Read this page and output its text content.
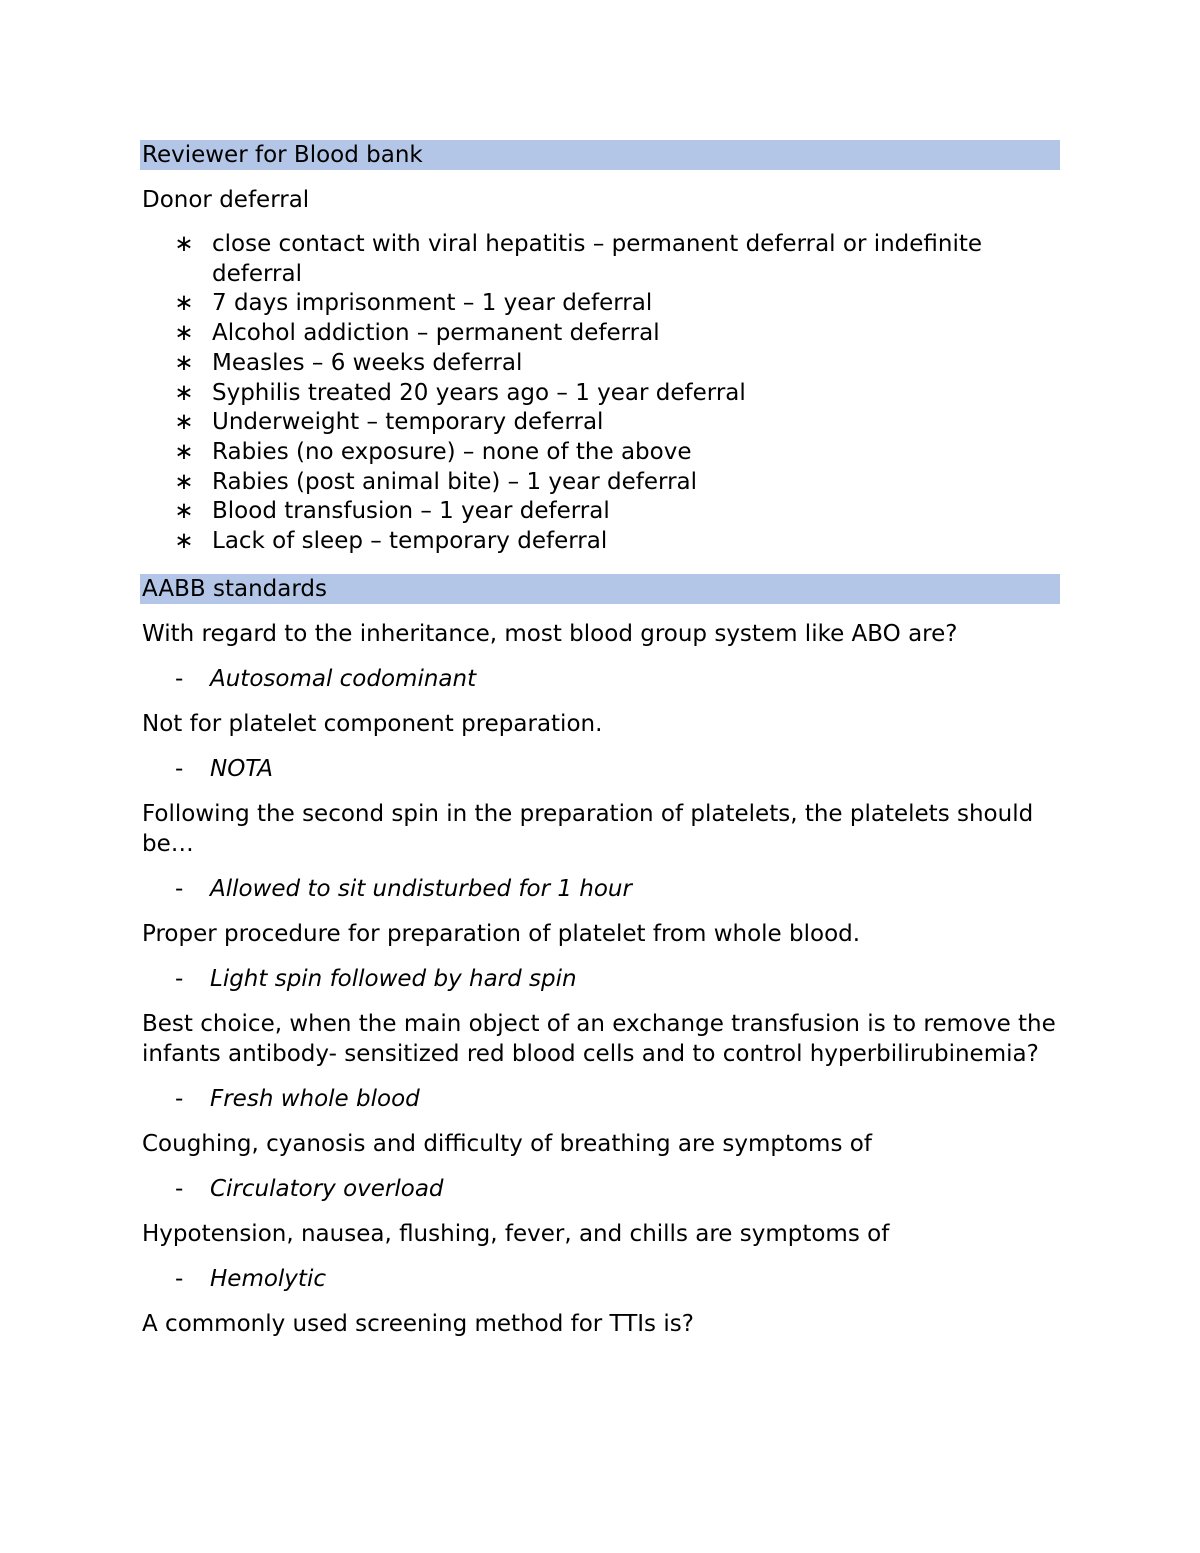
Reviewer for Blood bank

Donor deferral

∗ close contact with viral hepatitis – permanent deferral or indefinite deferral
∗ 7 days imprisonment – 1 year deferral
∗ Alcohol addiction – permanent deferral
∗ Measles – 6 weeks deferral
∗ Syphilis treated 20 years ago – 1 year deferral
∗ Underweight – temporary deferral
∗ Rabies (no exposure) – none of the above
∗ Rabies (post animal bite) – 1 year deferral
∗ Blood transfusion – 1 year deferral
∗ Lack of sleep – temporary deferral
AABB standards

With regard to the inheritance, most blood group system like ABO are?

- Autosomal codominant

Not for platelet component preparation.

- NOTA

Following the second spin in the preparation of platelets, the platelets should be…

- Allowed to sit undisturbed for 1 hour

Proper procedure for preparation of platelet from whole blood.

- Light spin followed by hard spin

Best choice, when the main object of an exchange transfusion is to remove the infants antibody- sensitized red blood cells and to control hyperbilirubinemia?

- Fresh whole blood

Coughing, cyanosis and difficulty of breathing are symptoms of

- Circulatory overload

Hypotension, nausea, flushing, fever, and chills are symptoms of

- Hemolytic

A commonly used screening method for TTIs is?
